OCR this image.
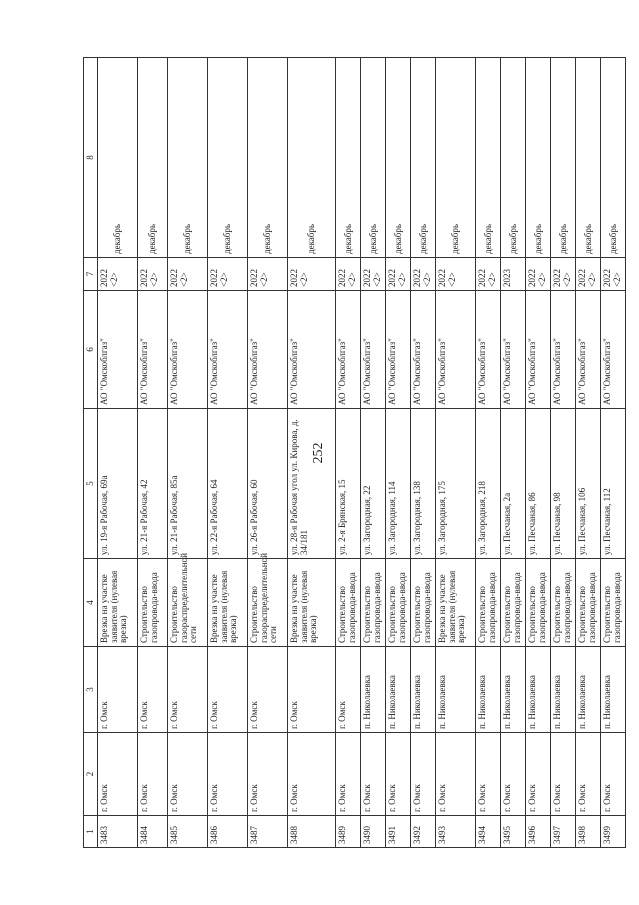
252
1	2	3	4	5	6	7	8
3483	г. Омск	г. Омск	Врезка на участке заявителя (нулевая врезка)	ул. 19-я Рабочая, 69а	АО "Омскоблгаз"	2022 <2>	декабрь
3484	г. Омск	г. Омск	Строительство газопровода-ввода	ул. 21-я Рабочая, 42	АО "Омскоблгаз"	2022 <2>	декабрь
3485	г. Омск	г. Омск	Строительство газораспределительной сети	ул. 21-я Рабочая, 85а	АО "Омскоблгаз"	2022 <2>	декабрь
3486	г. Омск	г. Омск	Врезка на участке заявителя (нулевая врезка)	ул. 22-я Рабочая, 64	АО "Омскоблгаз"	2022 <2>	декабрь
3487	г. Омск	г. Омск	Строительство газораспределительной сети	ул. 26-я Рабочая, 60	АО "Омскоблгаз"	2022 <2>	декабрь
3488	г. Омск	г. Омск	Врезка на участке заявителя (нулевая врезка)	ул. 28-я Рабочая угол ул. Кирова, д. 34/181	АО "Омскоблгаз"	2022 <2>	декабрь
3489	г. Омск	г. Омск	Строительство газопровода-ввода	ул. 2-я Брянская, 15	АО "Омскоблгаз"	2022 <2>	декабрь
3490	г. Омск	п. Николаевка	Строительство газопровода-ввода	ул. Загородная, 22	АО "Омскоблгаз"	2022 <2>	декабрь
3491	г. Омск	п. Николаевка	Строительство газопровода-ввода	ул. Загородная, 114	АО "Омскоблгаз"	2022 <2>	декабрь
3492	г. Омск	п. Николаевка	Строительство газопровода-ввода	ул. Загородная, 138	АО "Омскоблгаз"	2022 <2>	декабрь
3493	г. Омск	п. Николаевка	Врезка на участке заявителя (нулевая врезка)	ул. Загородная, 175	АО "Омскоблгаз"	2022 <2>	декабрь
3494	г. Омск	п. Николаевка	Строительство газопровода-ввода	ул. Загородная, 218	АО "Омскоблгаз"	2022 <2>	декабрь
3495	г. Омск	п. Николаевка	Строительство газопровода-ввода	ул. Песчаная, 2а	АО "Омскоблгаз"	2023	декабрь
3496	г. Омск	п. Николаевка	Строительство газопровода-ввода	ул. Песчаная, 86	АО "Омскоблгаз"	2022 <2>	декабрь
3497	г. Омск	п. Николаевка	Строительство газопровода-ввода	ул. Песчаная, 98	АО "Омскоблгаз"	2022 <2>	декабрь
3498	г. Омск	п. Николаевка	Строительство газопровода-ввода	ул. Песчаная, 106	АО "Омскоблгаз"	2022 <2>	декабрь
3499	г. Омск	п. Николаевка	Строительство газопровода-ввода	ул. Песчаная, 112	АО "Омскоблгаз"	2022 <2>	декабрь
